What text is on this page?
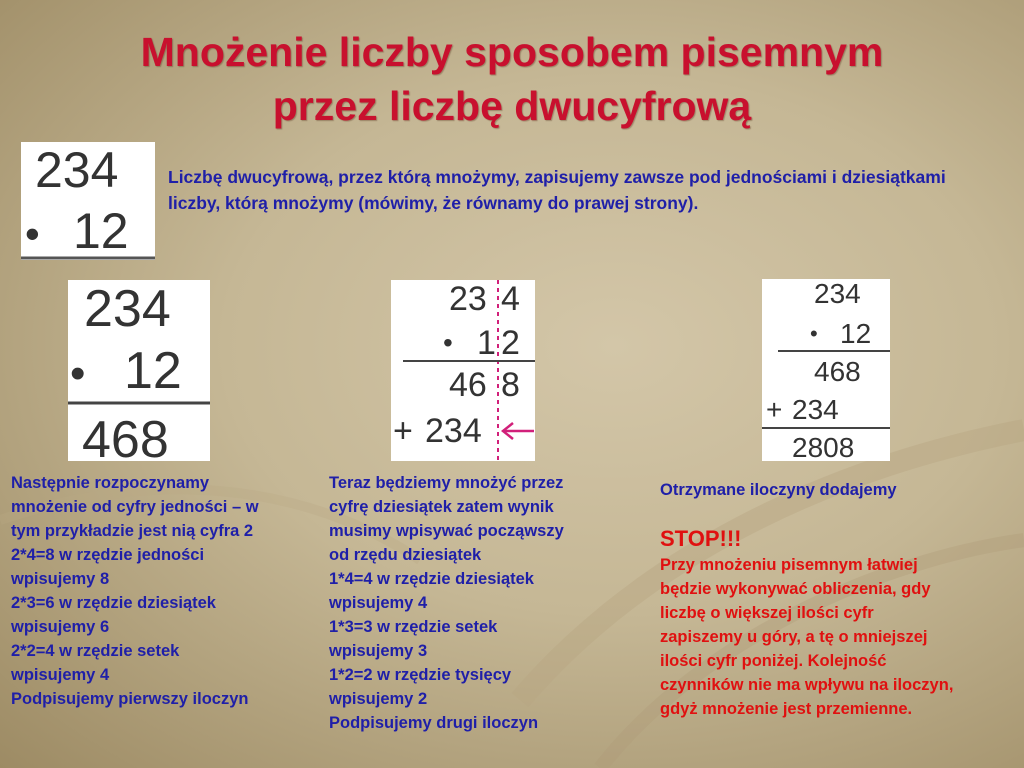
Mnożenie liczby sposobem pisemnym
przez liczbę dwucyfrową
234
• 12
234
• 12
468
23 4
• 1 2
46 8
+ 234
234
• 12
468
+ 234
2808

Liczbę dwucyfrową, przez którą mnożymy, zapisujemy zawsze pod jednościami i dziesiątkami liczby, którą mnożymy (mówimy, że równamy do prawej strony).

Następnie rozpoczynamy
mnożenie od cyfry jedności – w
tym przykładzie jest nią cyfra 2
2*4=8 w rzędzie jedności
wpisujemy 8
2*3=6 w rzędzie dziesiątek
wpisujemy 6
2*2=4 w rzędzie setek
wpisujemy 4
Podpisujemy pierwszy iloczyn
Teraz będziemy mnożyć przez
cyfrę dziesiątek zatem wynik
musimy wpisywać począwszy
od rzędu dziesiątek
1*4=4 w rzędzie dziesiątek
wpisujemy 4
1*3=3 w rzędzie setek
wpisujemy 3
1*2=2 w rzędzie tysięcy
wpisujemy 2
Podpisujemy drugi iloczyn
Otrzymane iloczyny dodajemy
STOP!!!
Przy mnożeniu pisemnym łatwiej
będzie wykonywać obliczenia, gdy
liczbę o większej ilości cyfr
zapiszemy u góry, a tę o mniejszej
ilości cyfr poniżej. Kolejność
czynników nie ma wpływu na iloczyn,
gdyż mnożenie jest przemienne.
